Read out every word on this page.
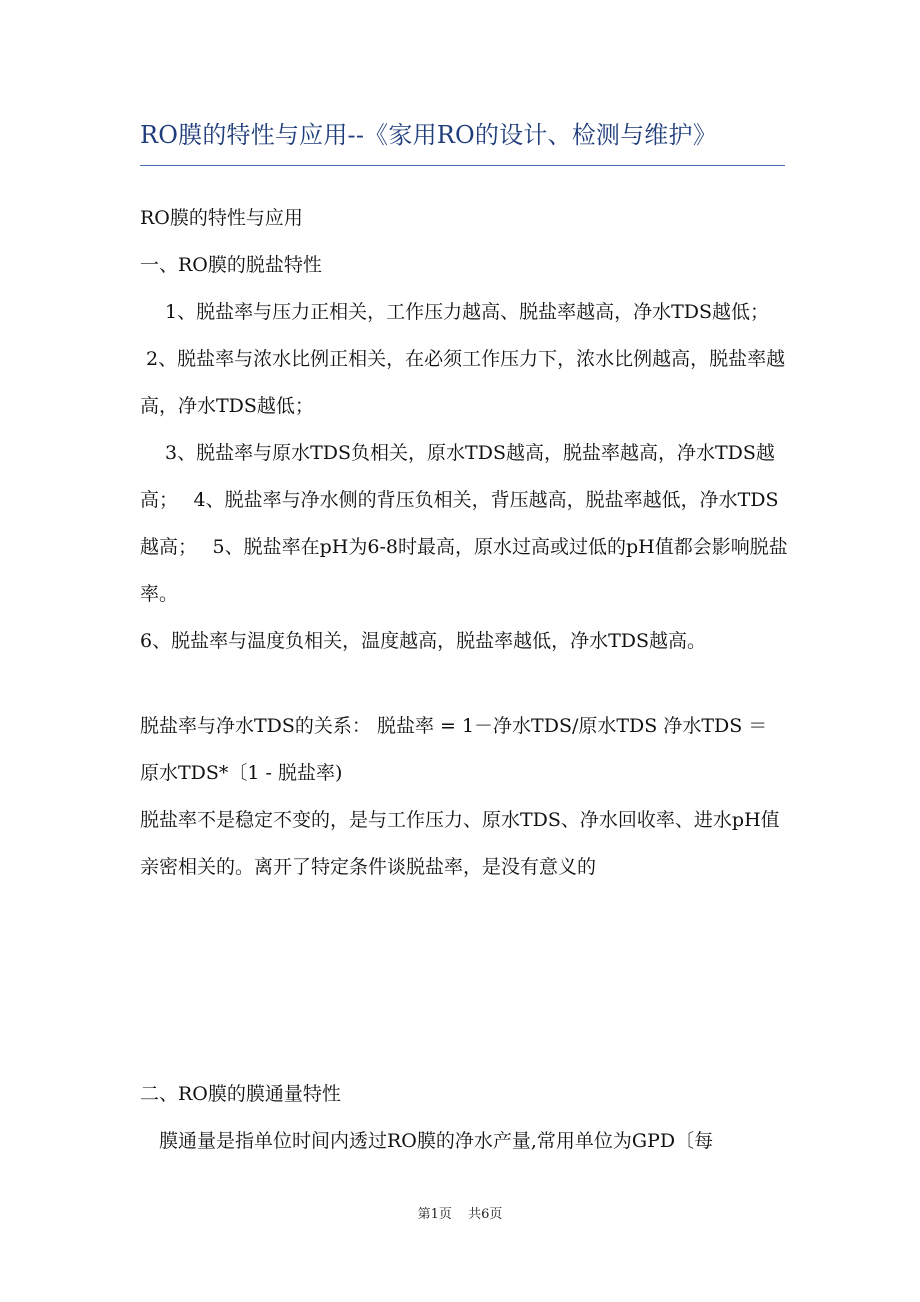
RO膜的特性与应用--《家用RO的设计、检测与维护》

RO膜的特性与应用

一、RO膜的脱盐特性

　 1、脱盐率与压力正相关，工作压力越高、脱盐率越高，净水TDS越低；　 2、脱盐率与浓水比例正相关，在必须工作压力下，浓水比例越高，脱盐率越高，净水TDS越低；

　 3、脱盐率与原水TDS负相关，原水TDS越高，脱盐率越高，净水TDS越高；　 4、脱盐率与净水侧的背压负相关，背压越高，脱盐率越低，净水TDS越高；　 5、脱盐率在pH为6-8时最高，原水过高或过低的pH值都会影响脱盐率。

6、脱盐率与温度负相关，温度越高，脱盐率越低，净水TDS越高。

脱盐率与净水TDS的关系： 脱盐率 = 1－净水TDS/原水TDS 净水TDS ＝ 原水TDS*〔1 - 脱盐率)

脱盐率不是稳定不变的，是与工作压力、原水TDS、净水回收率、进水pH值亲密相关的。离开了特定条件谈脱盐率，是没有意义的

二、RO膜的膜通量特性

　膜通量是指单位时间内透过RO膜的净水产量,常用单位为GPD〔每

第1页 共6页
